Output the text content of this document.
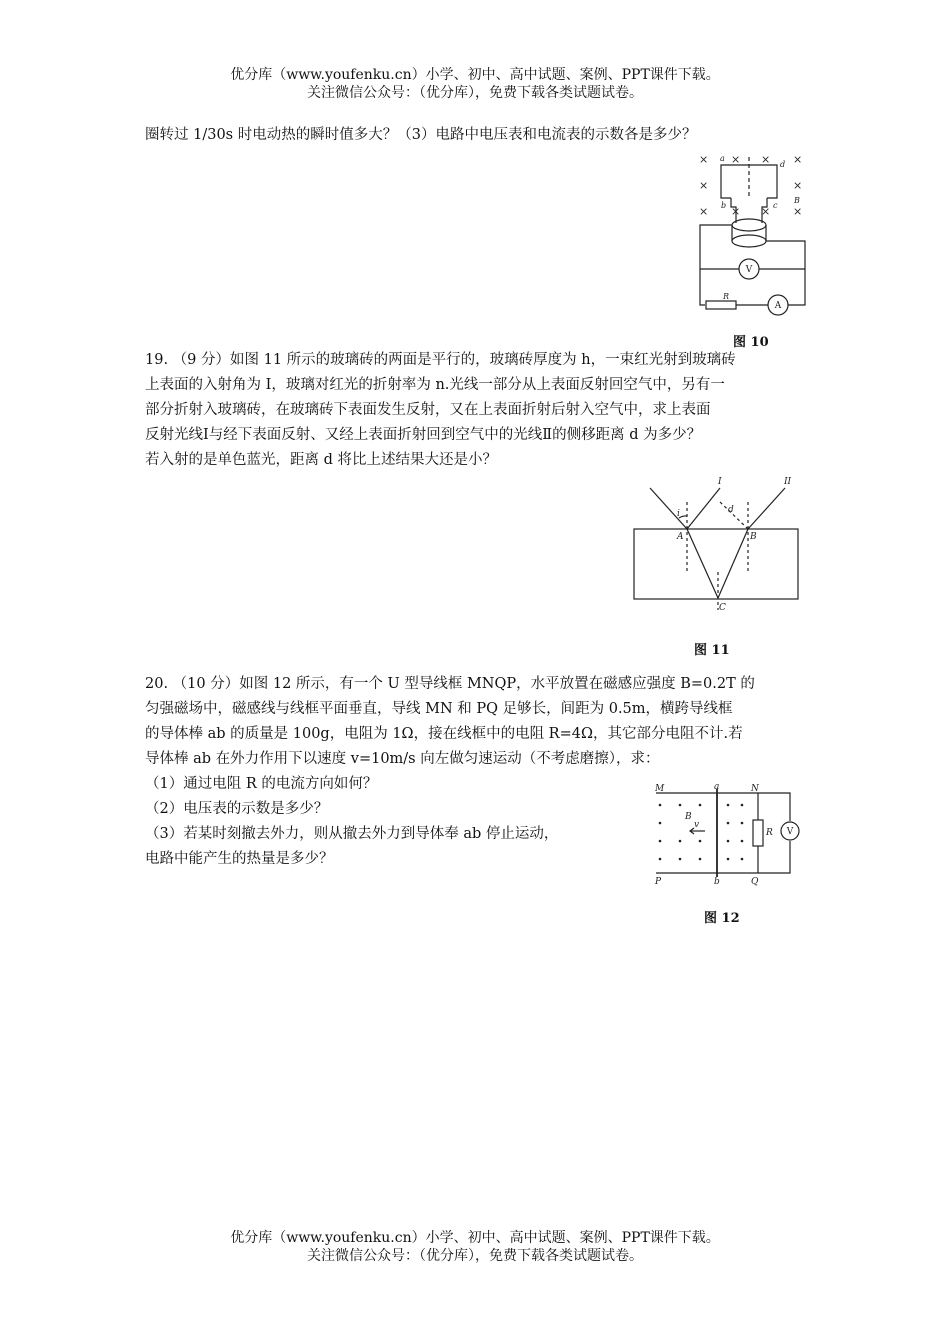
优分库（www.youfenku.cn）小学、初中、高中试题、案例、PPT课件下载。
关注微信公众号：（优分库），免费下载各类试题试卷。
圈转过 1/30s 时电动热的瞬时值多大？（3）电路中电压表和电流表的示数各是多少？
× × × ×
×	×
× × × ×
a
b	c
d
B
R
V
A
图 10
19. （9 分）如图 11 所示的玻璃砖的两面是平行的，玻璃砖厚度为 h，一束红光射到玻璃砖
上表面的入射角为 I，玻璃对红光的折射率为 n.光线一部分从上表面反射回空气中，另有一
部分折射入玻璃砖，在玻璃砖下表面发生反射，又在上表面折射后射入空气中，求上表面
反射光线Ⅰ与经下表面反射、又经上表面折射回到空气中的光线Ⅱ的侧移距离 d 为多少？
若入射的是单色蓝光，距离 d 将比上述结果大还是小？
I	II
i	d
A	B
C
图 11
20. （10 分）如图 12 所示，有一个 U 型导线框 MNQP，水平放置在磁感应强度 B=0.2T 的
匀强磁场中，磁感线与线框平面垂直，导线 MN 和 PQ 足够长，间距为 0.5m，横跨导线框
的导体棒 ab 的质量是 100g，电阻为 1Ω，接在线框中的电阻 R=4Ω，其它部分电阻不计.若
导体棒 ab 在外力作用下以速度 v=10m/s 向左做匀速运动（不考虑磨擦），求：
（1）通过电阻 R 的电流方向如何？
（2）电压表的示数是多少？
（3）若某时刻撤去外力，则从撤去外力到导体奉 ab 停止运动，
电路中能产生的热量是多少？
M	N
P	Q
a
b
B
v
R V
图 12
优分库（www.youfenku.cn）小学、初中、高中试题、案例、PPT课件下载。
关注微信公众号：（优分库），免费下载各类试题试卷。
